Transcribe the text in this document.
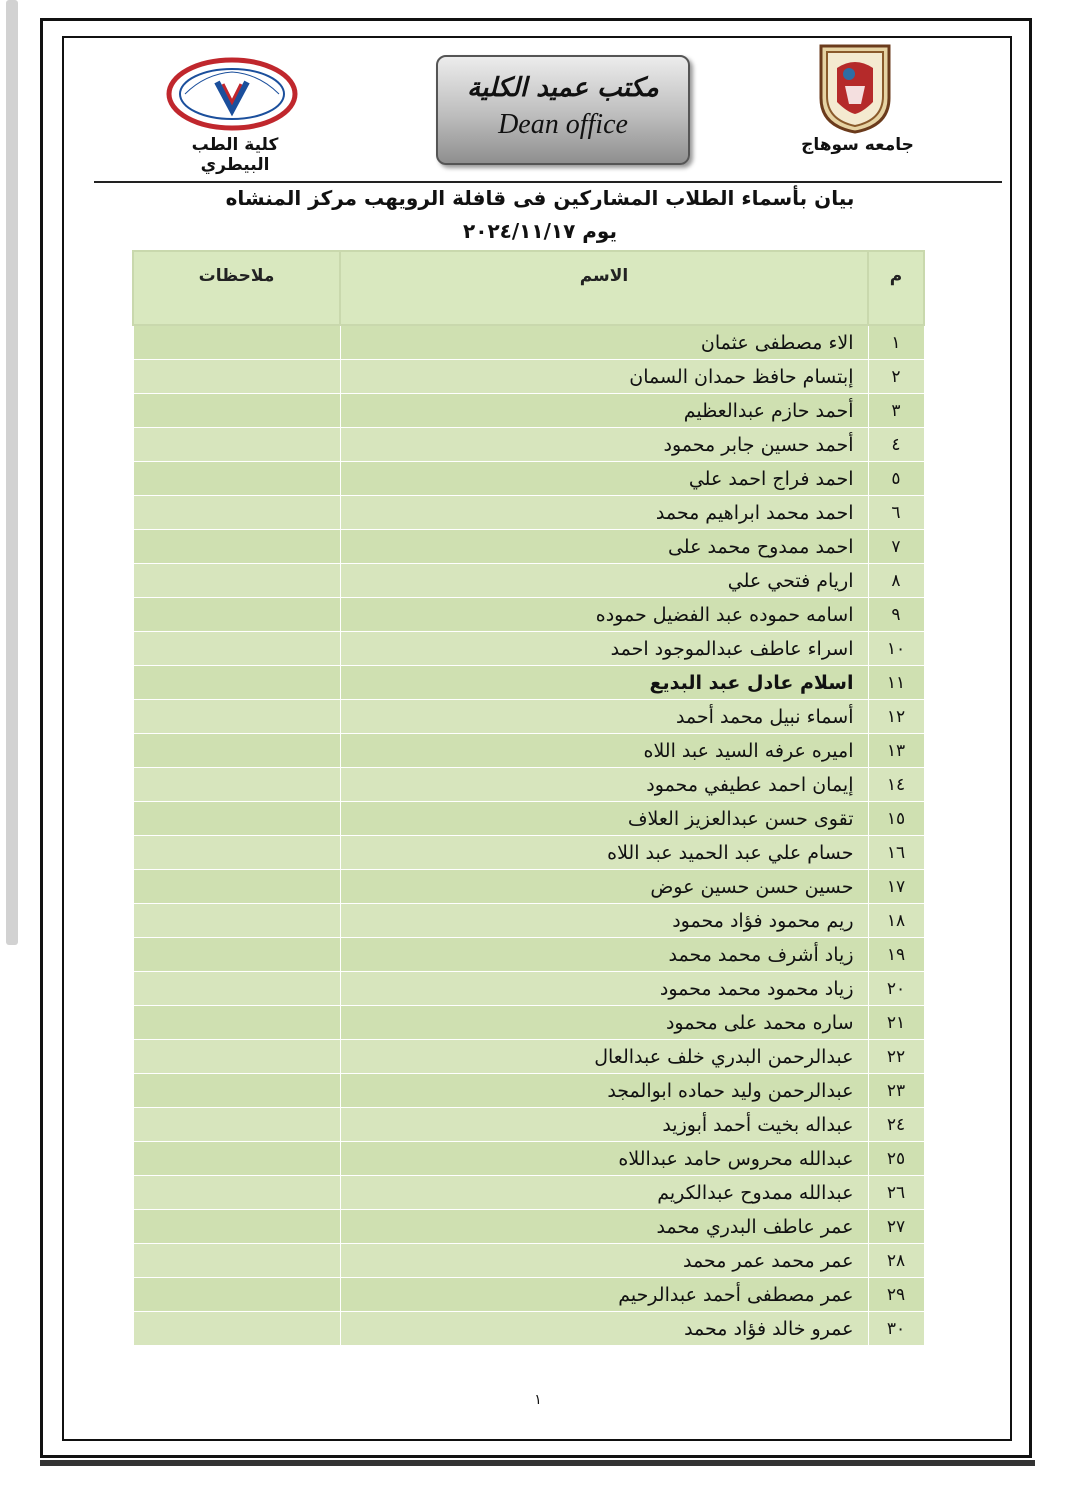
كلية الطب البيطري
مكتب عميد الكلية
Dean office
جامعه سوهاج
بيان بأسماء الطلاب المشاركين فى قافلة الرويهب مركز المنشاه
يوم ٢٠٢٤/١١/١٧
م	الاسم	ملاحظات
١	الاء مصطفى عثمان	
٢	إبتسام حافظ حمدان السمان	
٣	أحمد حازم عبدالعظيم	
٤	أحمد حسين جابر محمود	
٥	احمد فراج احمد علي	
٦	احمد محمد ابراهيم محمد	
٧	احمد ممدوح محمد على	
٨	اريام فتحي علي	
٩	اسامه حموده عبد الفضيل حموده	
١٠	اسراء عاطف عبدالموجود احمد	
١١	اسلام عادل عبد البديع	
١٢	أسماء نبيل محمد أحمد	
١٣	اميره عرفه السيد عبد اللاه	
١٤	إيمان احمد عطيفي محمود	
١٥	تقوى حسن عبدالعزيز العلاف	
١٦	حسام علي عبد الحميد عبد اللاه	
١٧	حسين حسن حسين عوض	
١٨	ريم محمود فؤاد محمود	
١٩	زياد أشرف محمد محمد	
٢٠	زياد محمود محمد محمود	
٢١	ساره محمد على محمود	
٢٢	عبدالرحمن البدري خلف عبدالعال	
٢٣	عبدالرحمن وليد حماده ابوالمجد	
٢٤	عبداله بخيت أحمد أبوزيد	
٢٥	عبدالله محروس حامد عبداللاه	
٢٦	عبدالله ممدوح عبدالكريم	
٢٧	عمر عاطف البدري محمد	
٢٨	عمر محمد عمر محمد	
٢٩	عمر مصطفى أحمد عبدالرحيم	
٣٠	عمرو خالد فؤاد محمد	
١
